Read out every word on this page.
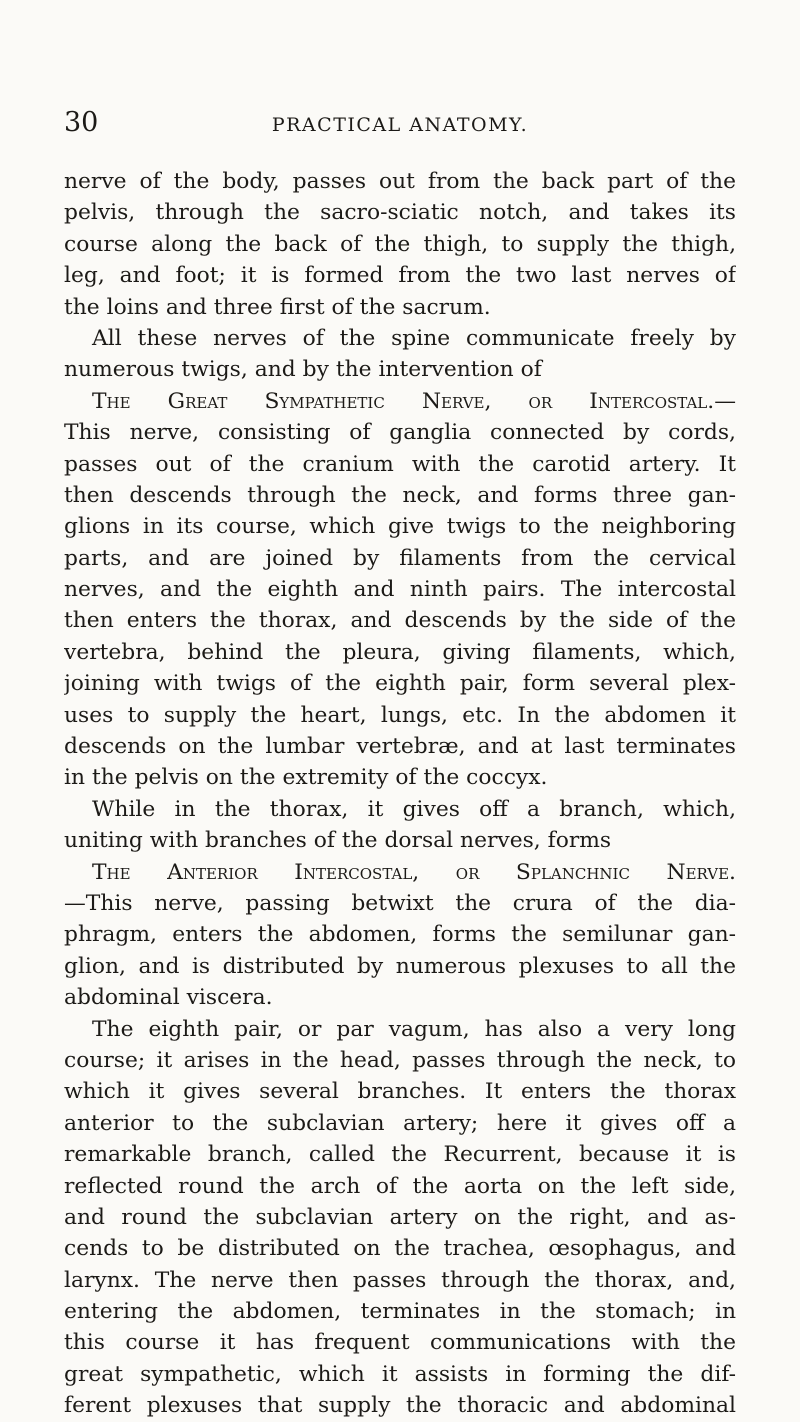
30	PRACTICAL ANATOMY.
nerve of the body, passes out from the back part of the
pelvis, through the sacro-sciatic notch, and takes its
course along the back of the thigh, to supply the thigh,
leg, and foot; it is formed from the two last nerves of
the loins and three first of the sacrum.
All these nerves of the spine communicate freely by
numerous twigs, and by the intervention of
The Great Sympathetic Nerve, or Intercostal.—
This nerve, consisting of ganglia connected by cords,
passes out of the cranium with the carotid artery. It
then descends through the neck, and forms three gan-
glions in its course, which give twigs to the neighboring
parts, and are joined by filaments from the cervical
nerves, and the eighth and ninth pairs. The intercostal
then enters the thorax, and descends by the side of the
vertebra, behind the pleura, giving filaments, which,
joining with twigs of the eighth pair, form several plex-
uses to supply the heart, lungs, etc. In the abdomen it
descends on the lumbar vertebræ, and at last terminates
in the pelvis on the extremity of the coccyx.
While in the thorax, it gives off a branch, which,
uniting with branches of the dorsal nerves, forms
The Anterior Intercostal, or Splanchnic Nerve.
—This nerve, passing betwixt the crura of the dia-
phragm, enters the abdomen, forms the semilunar gan-
glion, and is distributed by numerous plexuses to all the
abdominal viscera.
The eighth pair, or par vagum, has also a very long
course; it arises in the head, passes through the neck, to
which it gives several branches. It enters the thorax
anterior to the subclavian artery; here it gives off a
remarkable branch, called the Recurrent, because it is
reflected round the arch of the aorta on the left side,
and round the subclavian artery on the right, and as-
cends to be distributed on the trachea, œsophagus, and
larynx. The nerve then passes through the thorax, and,
entering the abdomen, terminates in the stomach; in
this course it has frequent communications with the
great sympathetic, which it assists in forming the dif-
ferent plexuses that supply the thoracic and abdominal
